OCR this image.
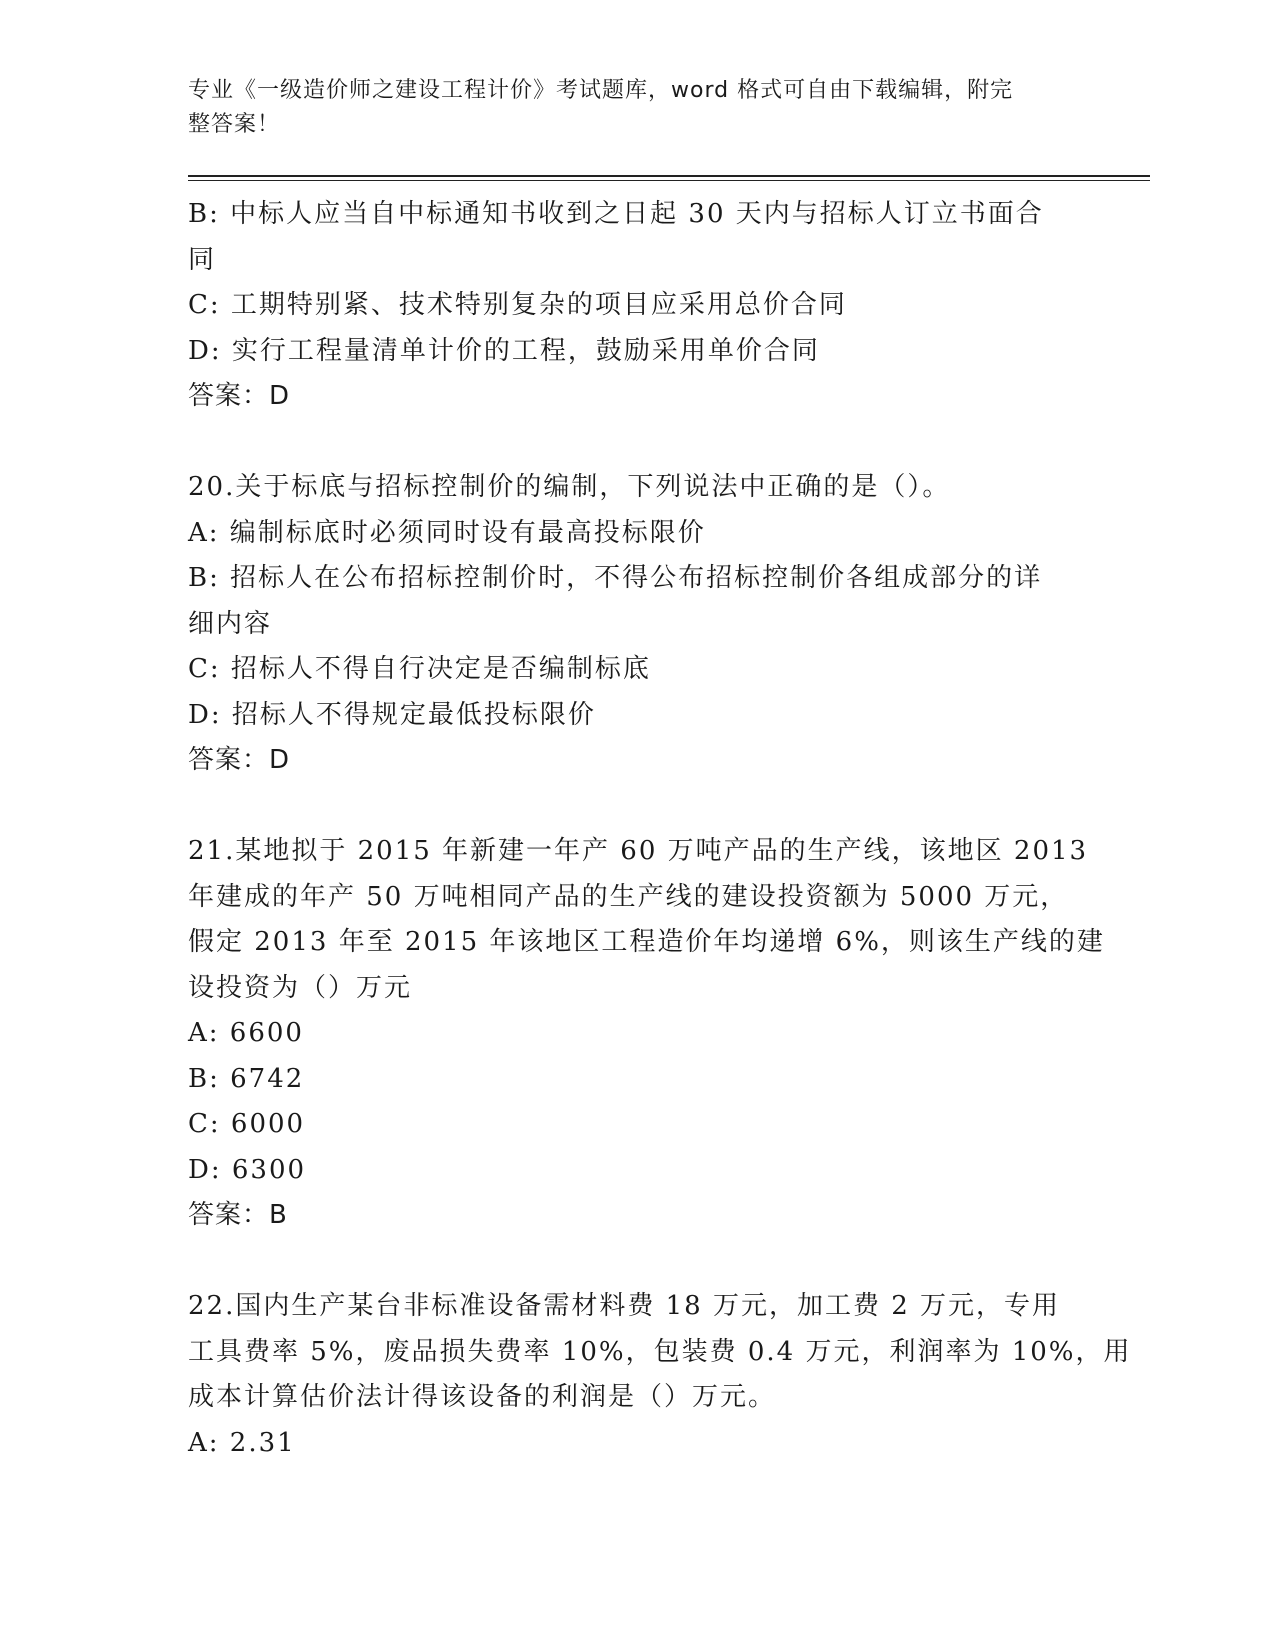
专业《一级造价师之建设工程计价》考试题库，word 格式可自由下载编辑，附完
整答案！
B: 中标人应当自中标通知书收到之日起 30 天内与招标人订立书面合
同
C: 工期特别紧、技术特别复杂的项目应采用总价合同
D: 实行工程量清单计价的工程，鼓励采用单价合同
答案：D
20.关于标底与招标控制价的编制，下列说法中正确的是（）。
A: 编制标底时必须同时设有最高投标限价
B: 招标人在公布招标控制价时，不得公布招标控制价各组成部分的详
细内容
C: 招标人不得自行决定是否编制标底
D: 招标人不得规定最低投标限价
答案：D
21.某地拟于 2015 年新建一年产 60 万吨产品的生产线，该地区 2013
年建成的年产 50 万吨相同产品的生产线的建设投资额为 5000 万元，
假定 2013 年至 2015 年该地区工程造价年均递增 6%，则该生产线的建
设投资为（）万元
A: 6600
B: 6742
C: 6000
D: 6300
答案：B
22.国内生产某台非标准设备需材料费 18 万元，加工费 2 万元，专用
工具费率 5%，废品损失费率 10%，包装费 0.4 万元，利润率为 10%，用
成本计算估价法计得该设备的利润是（）万元。
A: 2.31
